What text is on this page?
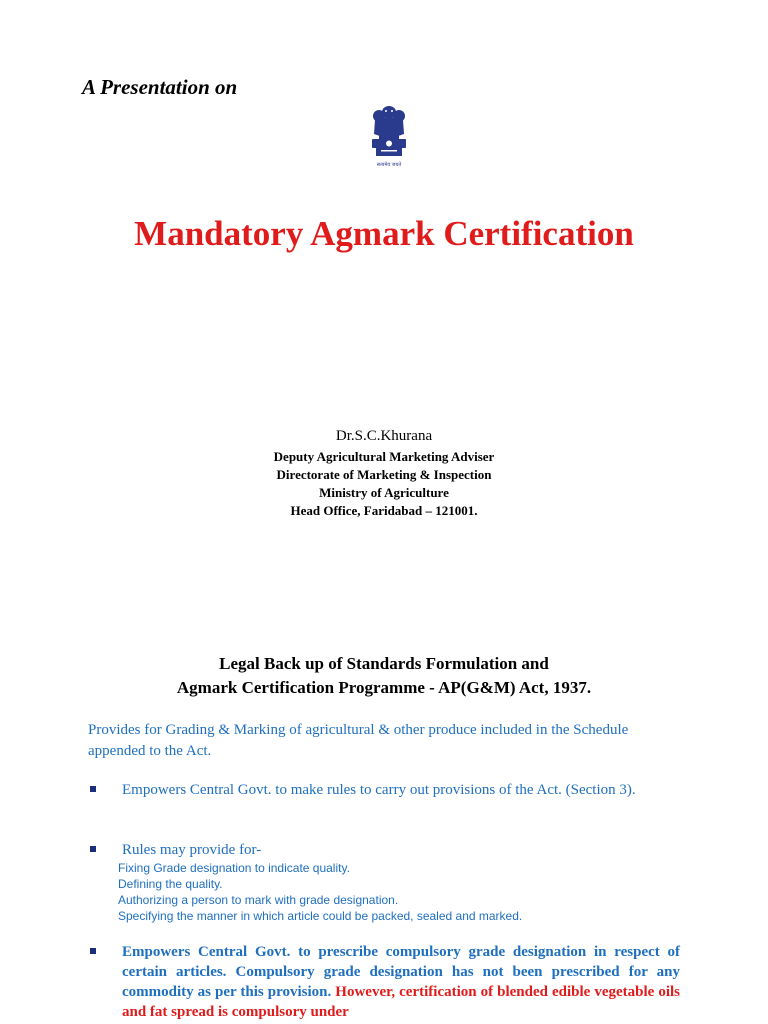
A Presentation on
सत्यमेव जयते
Mandatory Agmark Certification
Dr.S.C.Khurana
Deputy Agricultural Marketing Adviser
Directorate of Marketing & Inspection
Ministry of Agriculture
Head Office, Faridabad – 121001.
Legal Back up of Standards Formulation and
Agmark Certification Programme - AP(G&M) Act, 1937.
Provides for Grading & Marking of agricultural & other produce included in the Schedule appended to the Act.
Empowers Central Govt. to make rules to carry out provisions of the Act. (Section 3).
Rules may provide for-
Fixing Grade designation to indicate quality.
Defining the quality.
Authorizing a person to mark with grade designation.
Specifying the manner in which article could be packed, sealed and marked.
Empowers Central Govt. to prescribe compulsory grade designation in respect of certain articles. Compulsory grade designation has not been prescribed for any commodity as per this provision. However, certification of blended edible vegetable oils and fat spread is compulsory under
